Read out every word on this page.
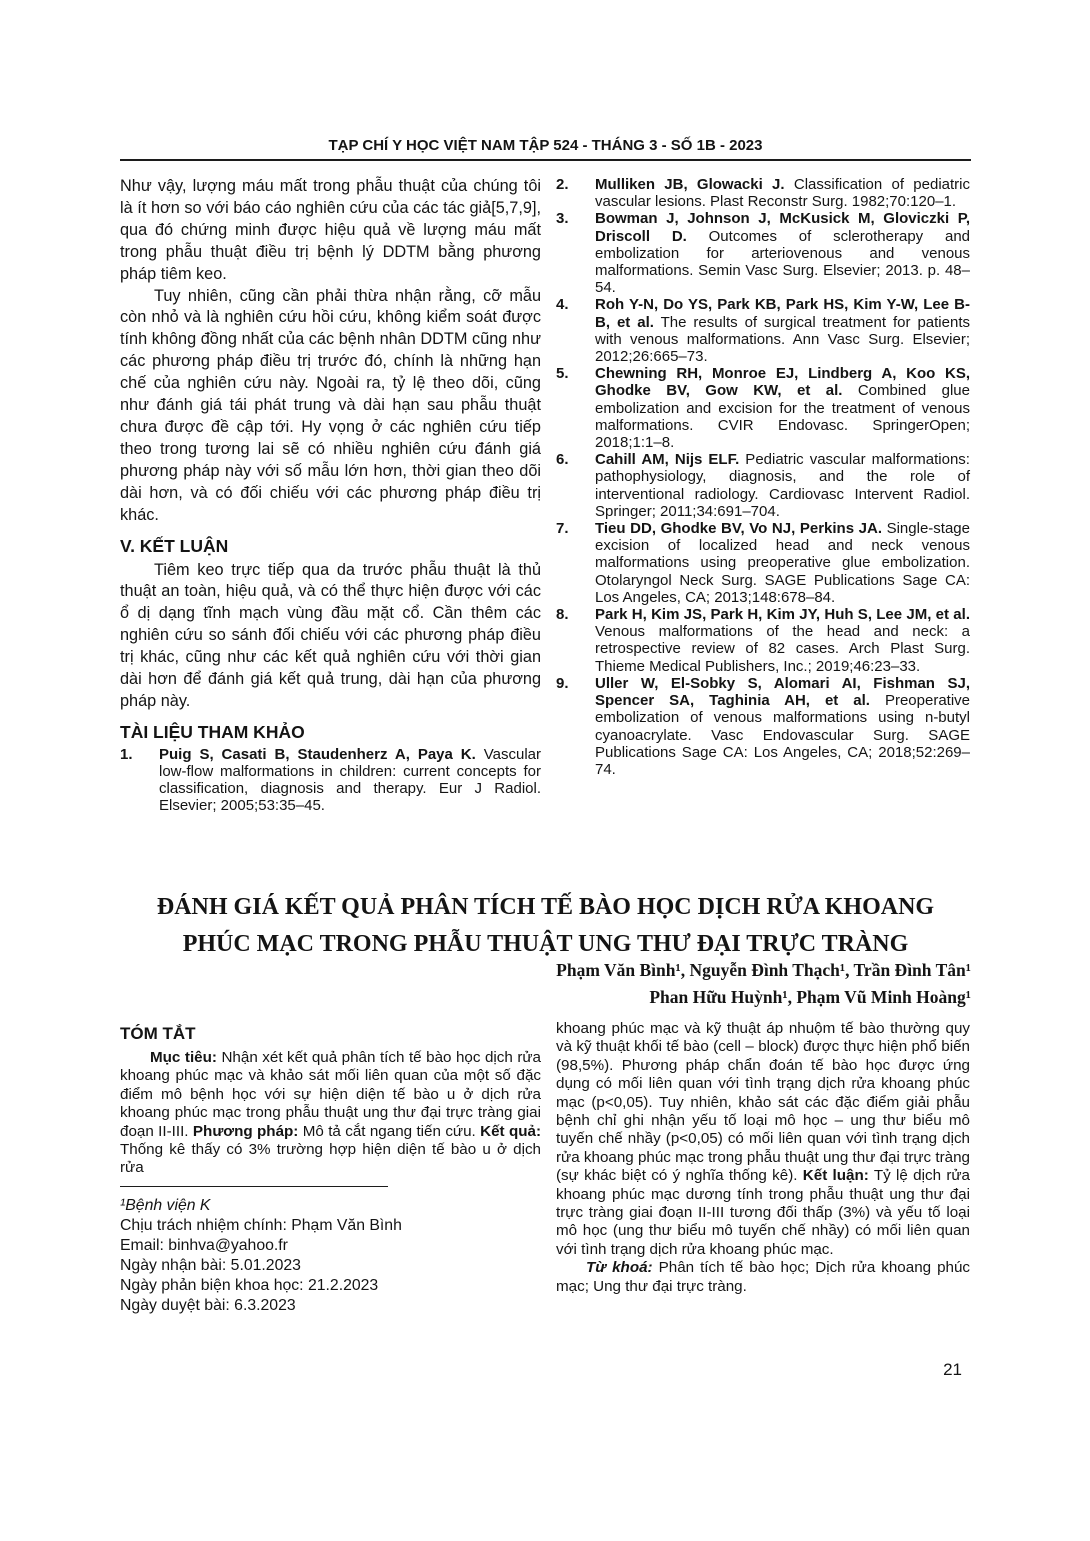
TẠP CHÍ Y HỌC VIỆT NAM TẬP 524 - THÁNG 3 - SỐ 1B - 2023

Như vậy, lượng máu mất trong phẫu thuật của chúng tôi là ít hơn so với báo cáo nghiên cứu của các tác giả[5,7,9], qua đó chứng minh được hiệu quả về lượng máu mất trong phẫu thuật điều trị bệnh lý DDTM bằng phương pháp tiêm keo.

Tuy nhiên, cũng cần phải thừa nhận rằng, cỡ mẫu còn nhỏ và là nghiên cứu hồi cứu, không kiểm soát được tính không đồng nhất của các bệnh nhân DDTM cũng như các phương pháp điều trị trước đó, chính là những hạn chế của nghiên cứu này. Ngoài ra, tỷ lệ theo dõi, cũng như đánh giá tái phát trung và dài hạn sau phẫu thuật chưa được đề cập tới. Hy vọng ở các nghiên cứu tiếp theo trong tương lai sẽ có nhiều nghiên cứu đánh giá phương pháp này với số mẫu lớn hơn, thời gian theo dõi dài hơn, và có đối chiếu với các phương pháp điều trị khác.

V. KẾT LUẬN

Tiêm keo trực tiếp qua da trước phẫu thuật là thủ thuật an toàn, hiệu quả, và có thể thực hiện được với các ổ dị dạng tĩnh mạch vùng đầu mặt cổ. Cần thêm các nghiên cứu so sánh đối chiếu với các phương pháp điều trị khác, cũng như các kết quả nghiên cứu với thời gian dài hơn để đánh giá kết quả trung, dài hạn của phương pháp này.

TÀI LIỆU THAM KHẢO
1.	Puig S, Casati B, Staudenherz A, Paya K. Vascular low-flow malformations in children: current concepts for classification, diagnosis and therapy. Eur J Radiol. Elsevier; 2005;53:35–45.
2.	Mulliken JB, Glowacki J. Classification of pediatric vascular lesions. Plast Reconstr Surg. 1982;70:120–1.
3.	Bowman J, Johnson J, McKusick M, Gloviczki P, Driscoll D. Outcomes of sclerotherapy and embolization for arteriovenous and venous malformations. Semin Vasc Surg. Elsevier; 2013. p. 48–54.
4.	Roh Y-N, Do YS, Park KB, Park HS, Kim Y-W, Lee B-B, et al. The results of surgical treatment for patients with venous malformations. Ann Vasc Surg. Elsevier; 2012;26:665–73.
5.	Chewning RH, Monroe EJ, Lindberg A, Koo KS, Ghodke BV, Gow KW, et al. Combined glue embolization and excision for the treatment of venous malformations. CVIR Endovasc. SpringerOpen; 2018;1:1–8.
6.	Cahill AM, Nijs ELF. Pediatric vascular malformations: pathophysiology, diagnosis, and the role of interventional radiology. Cardiovasc Intervent Radiol. Springer; 2011;34:691–704.
7.	Tieu DD, Ghodke BV, Vo NJ, Perkins JA. Single-stage excision of localized head and neck venous malformations using preoperative glue embolization. Otolaryngol Neck Surg. SAGE Publications Sage CA: Los Angeles, CA; 2013;148:678–84.
8.	Park H, Kim JS, Park H, Kim JY, Huh S, Lee JM, et al. Venous malformations of the head and neck: a retrospective review of 82 cases. Arch Plast Surg. Thieme Medical Publishers, Inc.; 2019;46:23–33.
9.	Uller W, El-Sobky S, Alomari AI, Fishman SJ, Spencer SA, Taghinia AH, et al. Preoperative embolization of venous malformations using n-butyl cyanoacrylate. Vasc Endovascular Surg. SAGE Publications Sage CA: Los Angeles, CA; 2018;52:269–74.
ĐÁNH GIÁ KẾT QUẢ PHÂN TÍCH TẾ BÀO HỌC DỊCH RỬA KHOANG
PHÚC MẠC TRONG PHẪU THUẬT UNG THƯ ĐẠI TRỰC TRÀNG
Phạm Văn Bình¹, Nguyễn Đình Thạch¹, Trần Đình Tân¹
Phan Hữu Huỳnh¹, Phạm Vũ Minh Hoàng¹
TÓM TẮT

Mục tiêu: Nhận xét kết quả phân tích tế bào học dịch rửa khoang phúc mạc và khảo sát mối liên quan của một số đặc điểm mô bệnh học với sự hiện diện tế bào u ở dịch rửa khoang phúc mạc trong phẫu thuật ung thư đại trực tràng giai đoạn II-III. Phương pháp: Mô tả cắt ngang tiến cứu. Kết quả: Thống kê thấy có 3% trường hợp hiện diện tế bào u ở dịch rửa

khoang phúc mạc và kỹ thuật áp nhuộm tế bào thường quy và kỹ thuật khối tế bào (cell – block) được thực hiện phổ biến (98,5%). Phương pháp chẩn đoán tế bào học được ứng dụng có mối liên quan với tình trạng dịch rửa khoang phúc mạc (p<0,05). Tuy nhiên, khảo sát các đặc điểm giải phẫu bệnh chỉ ghi nhận yếu tố loại mô học – ung thư biểu mô tuyến chế nhầy (p<0,05) có mối liên quan với tình trạng dịch rửa khoang phúc mạc trong phẫu thuật ung thư đại trực tràng (sự khác biệt có ý nghĩa thống kê). Kết luận: Tỷ lệ dịch rửa khoang phúc mạc dương tính trong phẫu thuật ung thư đại trực tràng giai đoạn II-III tương đối thấp (3%) và yếu tố loại mô học (ung thư biểu mô tuyến chế nhầy) có mối liên quan với tình trạng dịch rửa khoang phúc mạc.

Từ khoá: Phân tích tế bào học; Dịch rửa khoang phúc mạc; Ung thư đại trực tràng.

¹Bệnh viện K
Chịu trách nhiệm chính: Phạm Văn Bình
Email: binhva@yahoo.fr
Ngày nhận bài: 5.01.2023
Ngày phản biện khoa học: 21.2.2023
Ngày duyệt bài: 6.3.2023
21
